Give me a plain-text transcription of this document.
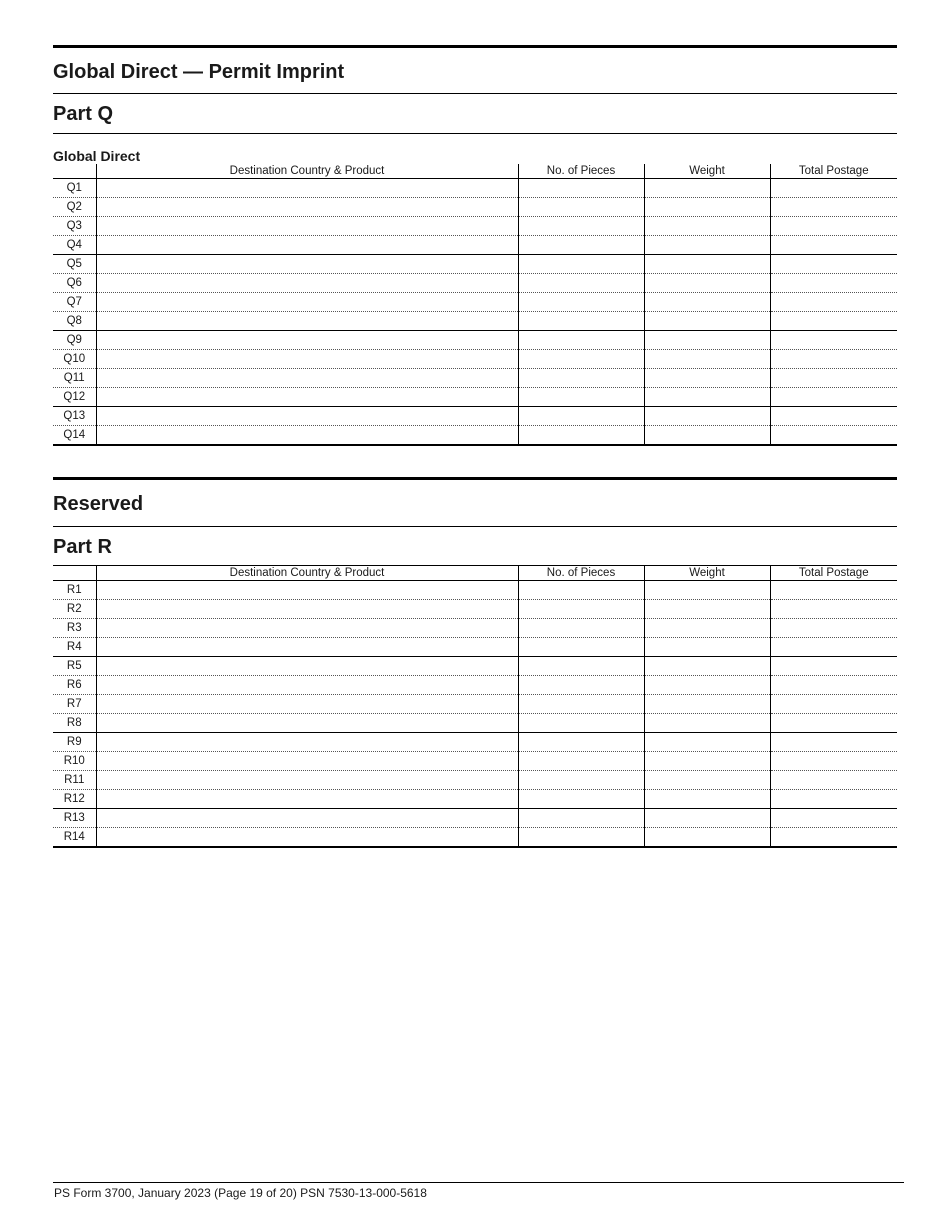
Global Direct — Permit Imprint
Part Q
Global Direct
	Destination Country & Product	No. of Pieces	Weight	Total Postage
Q1				
Q2				
Q3				
Q4				
Q5				
Q6				
Q7				
Q8				
Q9				
Q10				
Q11				
Q12				
Q13				
Q14				
Reserved
Part R
	Destination Country & Product	No. of Pieces	Weight	Total Postage
R1				
R2				
R3				
R4				
R5				
R6				
R7				
R8				
R9				
R10				
R11				
R12				
R13				
R14				
PS Form 3700, January 2023 (Page 19 of 20) PSN 7530-13-000-5618
